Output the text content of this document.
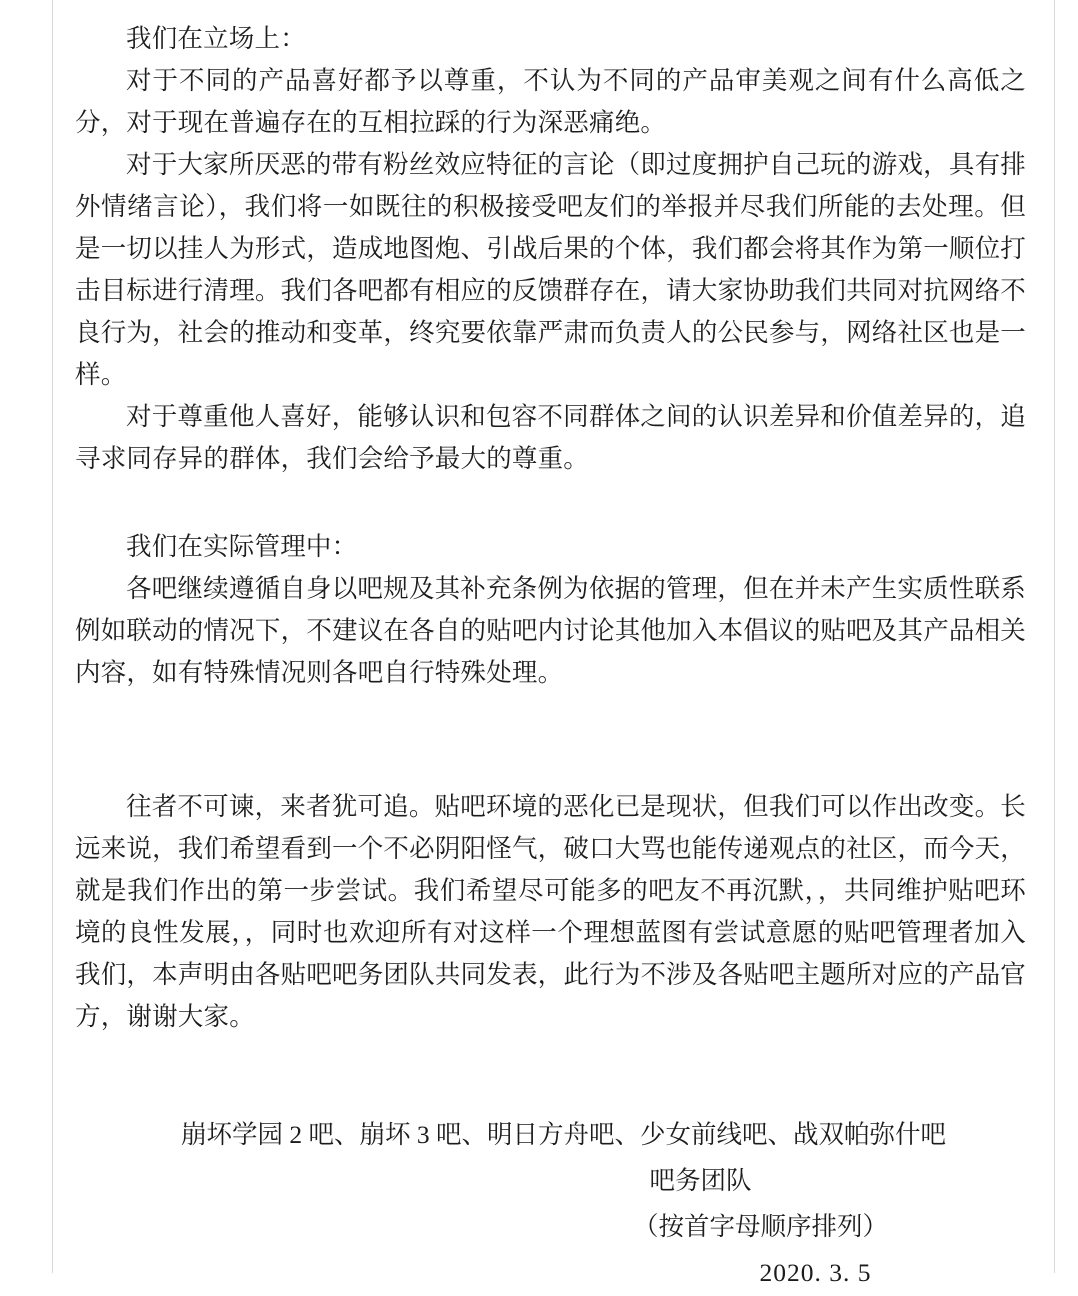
我们在立场上：

对于不同的产品喜好都予以尊重，不认为不同的产品审美观之间有什么高低之分，对于现在普遍存在的互相拉踩的行为深恶痛绝。

对于大家所厌恶的带有粉丝效应特征的言论（即过度拥护自己玩的游戏，具有排外情绪言论），我们将一如既往的积极接受吧友们的举报并尽我们所能的去处理。但是一切以挂人为形式，造成地图炮、引战后果的个体，我们都会将其作为第一顺位打击目标进行清理。我们各吧都有相应的反馈群存在，请大家协助我们共同对抗网络不良行为，社会的推动和变革，终究要依靠严肃而负责人的公民参与，网络社区也是一样。

对于尊重他人喜好，能够认识和包容不同群体之间的认识差异和价值差异的，追寻求同存异的群体，我们会给予最大的尊重。

我们在实际管理中：

各吧继续遵循自身以吧规及其补充条例为依据的管理，但在并未产生实质性联系例如联动的情况下，不建议在各自的贴吧内讨论其他加入本倡议的贴吧及其产品相关内容，如有特殊情况则各吧自行特殊处理。

往者不可谏，来者犹可追。贴吧环境的恶化已是现状，但我们可以作出改变。长远来说，我们希望看到一个不必阴阳怪气，破口大骂也能传递观点的社区，而今天，就是我们作出的第一步尝试。我们希望尽可能多的吧友不再沉默，，共同维护贴吧环境的良性发展，，同时也欢迎所有对这样一个理想蓝图有尝试意愿的贴吧管理者加入我们，本声明由各贴吧吧务团队共同发表，此行为不涉及各贴吧主题所对应的产品官方，谢谢大家。

崩坏学园 2 吧、崩坏 3 吧、明日方舟吧、少女前线吧、战双帕弥什吧
吧务团队
（按首字母顺序排列）
2020. 3. 5
